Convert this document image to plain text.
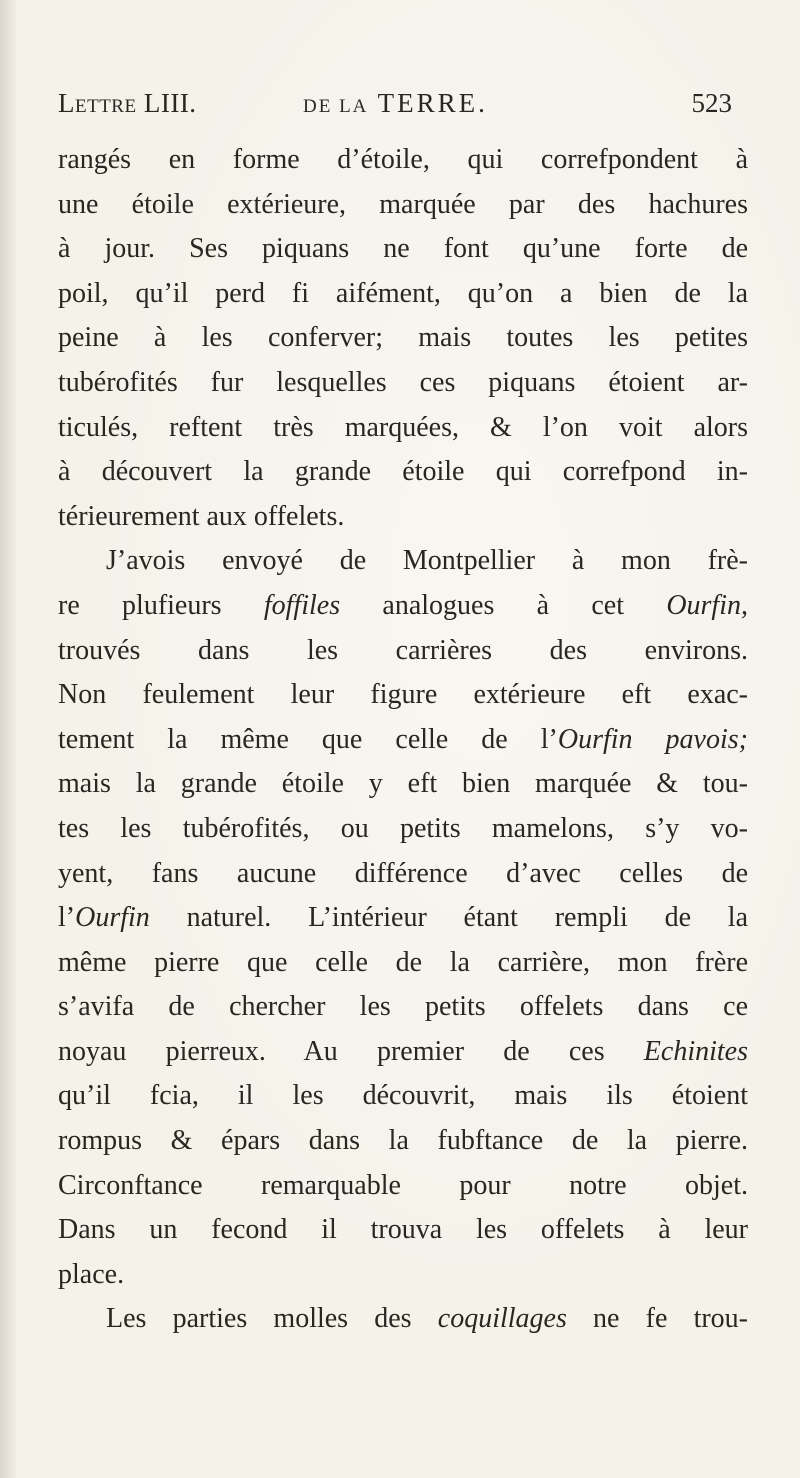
Lettre LIII.	DE LA TERRE.	523
rangés en forme d’étoile, qui correfpondent à
une étoile extérieure, marquée par des hachures
à jour. Ses piquans ne font qu’une forte de
poil, qu’il perd fi aifément, qu’on a bien de la
peine à les conferver; mais toutes les petites
tubérofités fur lesquelles ces piquans étoient ar-
ticulés, reftent très marquées, & l’on voit alors
à découvert la grande étoile qui correfpond in-
térieurement aux offelets.
J’avois envoyé de Montpellier à mon frè-
re plufieurs foffiles analogues à cet Ourfin,
trouvés dans les carrières des environs.
Non feulement leur figure extérieure eft exac-
tement la même que celle de l’Ourfin pavois;
mais la grande étoile y eft bien marquée & tou-
tes les tubérofités, ou petits mamelons, s’y vo-
yent, fans aucune différence d’avec celles de
l’Ourfin naturel. L’intérieur étant rempli de la
même pierre que celle de la carrière, mon frère
s’avifa de chercher les petits offelets dans ce
noyau pierreux. Au premier de ces Echinites
qu’il fcia, il les découvrit, mais ils étoient
rompus & épars dans la fubftance de la pierre.
Circonftance remarquable pour notre objet.
Dans un fecond il trouva les offelets à leur
place.
Les parties molles des coquillages ne fe trou-
